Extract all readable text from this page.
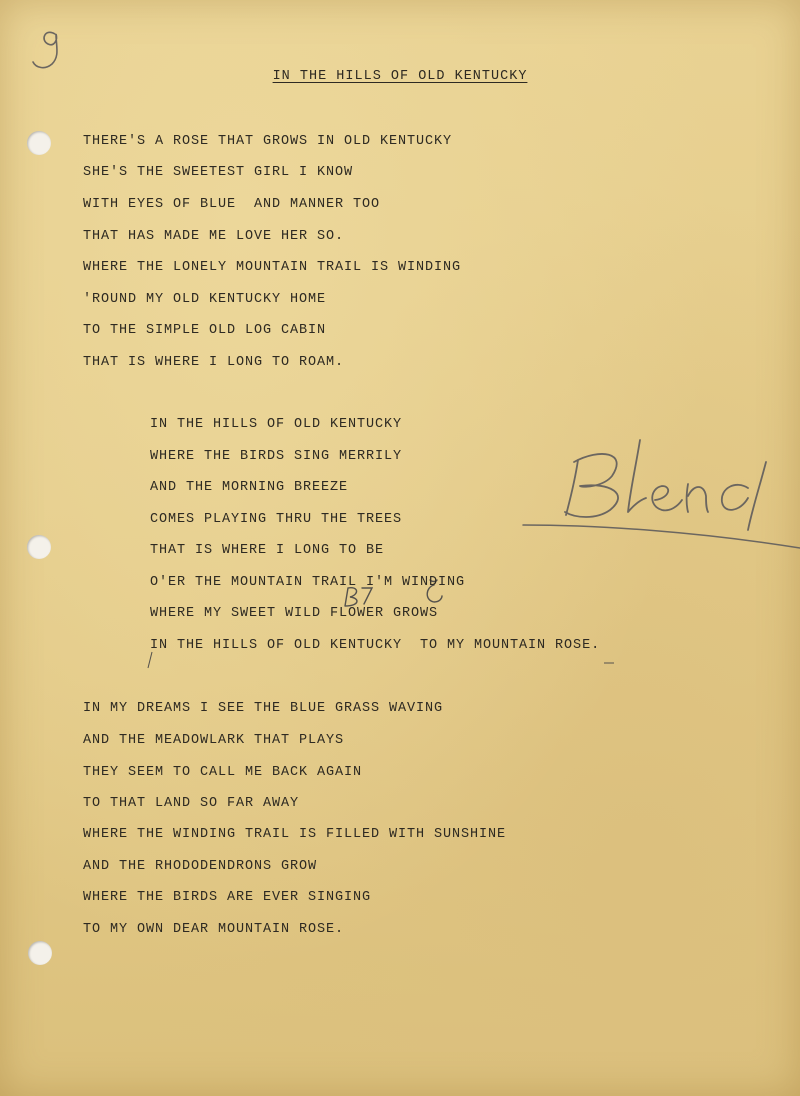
IN THE HILLS OF OLD KENTUCKY

THERE'S A ROSE THAT GROWS IN OLD KENTUCKY

SHE'S THE SWEETEST GIRL I KNOW

WITH EYES OF BLUE  AND MANNER TOO

THAT HAS MADE ME LOVE HER SO.

WHERE THE LONELY MOUNTAIN TRAIL IS WINDING

'ROUND MY OLD KENTUCKY HOME

TO THE SIMPLE OLD LOG CABIN

THAT IS WHERE I LONG TO ROAM.

IN THE HILLS OF OLD KENTUCKY

WHERE THE BIRDS SING MERRILY

AND THE MORNING BREEZE

COMES PLAYING THRU THE TREES

THAT IS WHERE I LONG TO BE

O'ER THE MOUNTAIN TRAIL I'M WINDING

WHERE MY SWEET WILD FLOWER GROWS

IN THE HILLS OF OLD KENTUCKY  TO MY MOUNTAIN ROSE.

IN MY DREAMS I SEE THE BLUE GRASS WAVING

AND THE MEADOWLARK THAT PLAYS

THEY SEEM TO CALL ME BACK AGAIN

TO THAT LAND SO FAR AWAY

WHERE THE WINDING TRAIL IS FILLED WITH SUNSHINE

AND THE RHODODENDRONS GROW

WHERE THE BIRDS ARE EVER SINGING

TO MY OWN DEAR MOUNTAIN ROSE.
